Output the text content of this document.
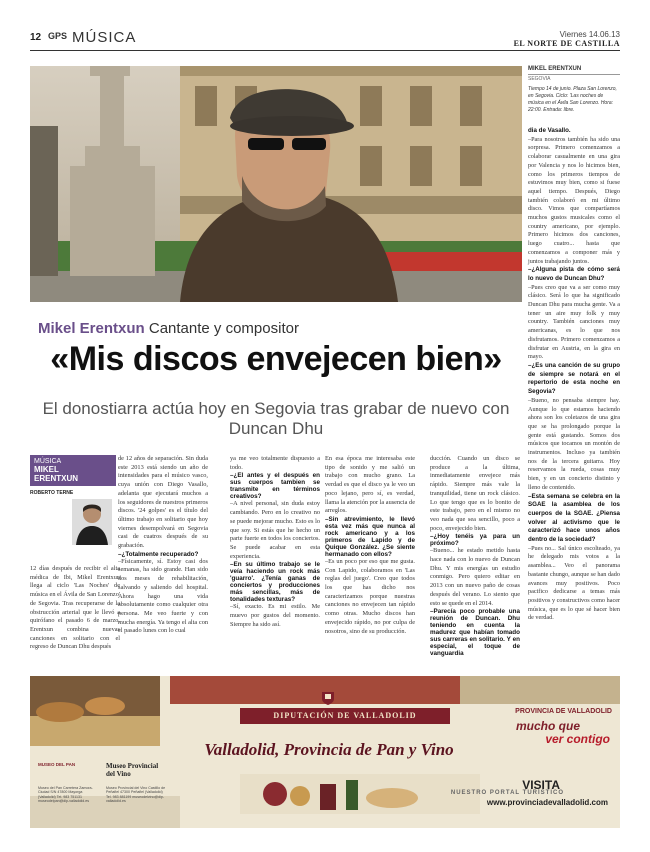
12 GPS MÚSICA	Viernes 14.06.13
EL NORTE DE CASTILLA
MIKEL ERENTXUN
SEGOVIA
Tiempo 14 de junio. Plaza San Lorenzo, en Segovia. Ciclo: 'Las noches de música en el Ávila San Lorenzo. Hora: 22:00. Entrada: libre.
Mikel Erentxun Cantante y compositor
«Mis discos envejecen bien»
El donostiarra actúa hoy en Segovia tras grabar de nuevo con Duncan Dhu
MÚSICA
MIKEL
ERENTXUN
ROBERTO TERNE

12 días después de recibir el alta médica de Ibi, Mikel Erentxun llega al ciclo 'Las Noches' de música en el Ávila de San Lorenzo' de Segovia. Tras recuperarse de la obstrucción arterial que le llevó a quirófano el pasado 6 de marzo, Erentxun combina nuevas canciones en solitario con el regreso de Duncan Dhu después

de 12 años de separación. Sin duda este 2013 está siendo un año de intensidades para el músico vasco, cuya unión con Diego Vasallo, adelanta que ejecutará muchos a los seguidores de nuestros primeros discos. '24 golpes' es el título del último trabajo en solitario que hoy viernes desempolvará en Segovia casi de cuatros después de su grabación.

–¿Totalmente recuperado?

–Físicamente, sí. Estoy casi dos semanas, ha sido grande. Han sido dos meses de rehabilitación, salvando y saliendo del hospital. Ahora hago una vida absolutamente como cualquier otra persona. Me veo fuerte y con mucha energía. Ya tengo el alta con el pasado lunes con lo cual

ya me veo totalmente dispuesto a todo.

–¿El antes y el después en sus cuerpos tambien se transmite en términos creativos?

–A nivel personal, sin duda estoy cambiando. Pero en lo creativo no se puede mejorar mucho. Esto es lo que soy. Si estás que he hecho un parte fuerte en todos los conciertos. Se puede acabar en esta experiencia.

–En su último trabajo se le veía haciendo un rock más 'guarro'. ¿Tenía ganas de conciertos y producciones más sencillas, más de tonalidades texturas?

–Sí, exacto. Es mi estilo. Me muevo por gustos del momento. Siempre ha sido así.

En esa época me interesaba este tipo de sonido y me salió un trabajo con mucho grano. La verdad es que el disco ya le veo un poco lejano, pero sí, es verdad, llama la atención por la ausencia de arreglos.

–Sin atrevimiento, le llevó esta vez más que nunca al rock americano y a los primeros de Lapido y de Quique González. ¿Se siente hermanado con ellos?

–Es un poco por eso que me gusta. Con Lapido, colaboramos en 'Las reglas del juego'. Creo que todos los que has dicho nos caracterizamos porque nuestras canciones no envejecen tan rápido como otras. Mucho discos han envejecido rápido, no por culpa de nosotros, sino de su producción.

ducción. Cuando un disco se produce a la última, inmediatamente envejece más rápido. Siempre más vale la tranquilidad, tiene un rock clásico. Lo que tengo que es lo bonito de este trabajo, pero en el mismo no veo nada que sea sencillo, poco a poco, envejecido bien.

–¿Hoy tenéis ya para un próximo?

–Bueno... he estado metido hasta hace nada con lo nuevo de Duncan Dhu. Y mis energías un estudio conmigo. Pero quiero editar en 2013 con un nuevo paño de cosas después del verano. Lo siento que esto se quede en el 2014.

–Parecía poco probable una reunión de Duncan. Dhu teniendo en cuenta la madurez que habían tomado sus carreras en solitario. Y en especial, el toque de vanguardia

dia de Vasallo.

–Para nosotros también ha sido una sorpresa. Primero comenzamos a colaborar casualmente en una gira por Valencia y nos lo hicimos bien, como los primeros tiempos de estuvimos muy bien, como si fuese aquel tiempo. Después, Diego también colaboró en mi último disco. Vimos que compartíamos muchos gustos musicales como el country americano, por ejemplo. Primero hicimos dos canciones, luego cuatro... hasta que comenzamos a componer más y juntos trabajando juntos.

–¿Alguna pista de cómo será lo nuevo de Duncan Dhu?

–Pues creo que va a ser como muy clásico. Será lo que ha significado Duncan Dhu para mucha gente. Va a tener un aire muy folk y muy country. También canciones muy americanas, es lo que nos disfrutamos. Primero comenzamos a disfrutar en Austria, en la gira en mayo.

–¿Es una canción de su grupo de siempre se notará en el repertorio de esta noche en Segovia?

–Bueno, no pensaba siempre hay. Aunque lo que estamos haciendo ahora son los coletazos de una gira que se ha prolongado porque la gente está gustando. Somos dos músicos que tocamos un montón de instrumentos. Incluso ya también nos de la tercera guitarra. Hoy reservamos la rueda, cosas muy bien, y en un concierto distinto y lleno de contenido.

–Esta semana se celebra en la SGAE la asamblea de los cuerpos de la SGAE. ¿Piensa volver al activismo que le caracterizó hace unos años dentro de la sociedad?

–Pues no... Sal único escolteado, ya he delegado mis votos a la asamblea... Veo el panorama bastante chungo, aunque se han dado avances muy positivos. Poco pacifico dedicarse a temas más positivos y constructivos como hacer música, que es lo que sé hacer bien de verdad.

DIPUTACIÓN DE VALLADOLID
Valladolid, Provincia de Pan y Vino
PROVINCIA DE VALLADOLID
mucho que
ver contigo
VISITA
NUESTRO PORTAL TURÍSTICO
www.provinciadevalladolid.com
MUSEO DEL PAN	Museo Provincial del Vino
Museo del Pan Carretera Zamora-Ciudad S/N 47800 Mayorga (Valladolid) Tel. 983 751131 museodelpan@dip-valladolid.es
Museo Provincial del Vino Castillo de Peñafiel 47300 Peñafiel (Valladolid) Tel. 983 881199 museodelvino@dip-valladolid.es
